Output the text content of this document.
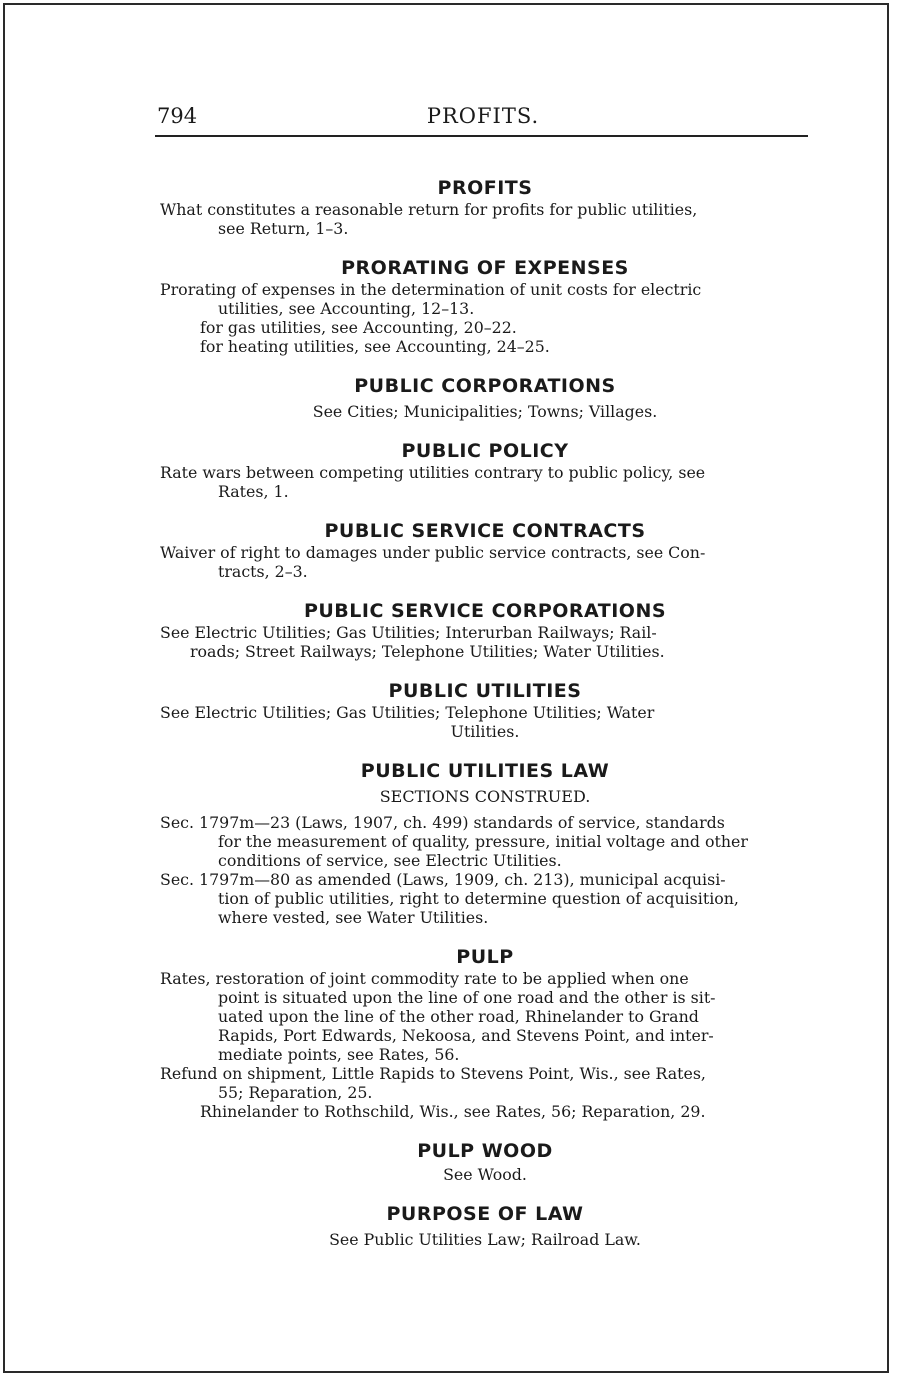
794	PROFITS.
PROFITS
What constitutes a reasonable return for profits for public utilities,
see Return, 1–3.
PRORATING OF EXPENSES
Prorating of expenses in the determination of unit costs for electric
utilities, see Accounting, 12–13.
for gas utilities, see Accounting, 20–22.
for heating utilities, see Accounting, 24–25.
PUBLIC CORPORATIONS
See Cities; Municipalities; Towns; Villages.
PUBLIC POLICY
Rate wars between competing utilities contrary to public policy, see
Rates, 1.
PUBLIC SERVICE CONTRACTS
Waiver of right to damages under public service contracts, see Con-
tracts, 2–3.
PUBLIC SERVICE CORPORATIONS
See Electric Utilities; Gas Utilities; Interurban Railways; Rail-
roads; Street Railways; Telephone Utilities; Water Utilities.
PUBLIC UTILITIES
See Electric Utilities; Gas Utilities; Telephone Utilities; Water
Utilities.
PUBLIC UTILITIES LAW
SECTIONS CONSTRUED.
Sec. 1797m—23 (Laws, 1907, ch. 499) standards of service, standards
for the measurement of quality, pressure, initial voltage and other
conditions of service, see Electric Utilities.
Sec. 1797m—80 as amended (Laws, 1909, ch. 213), municipal acquisi-
tion of public utilities, right to determine question of acquisition,
where vested, see Water Utilities.
PULP
Rates, restoration of joint commodity rate to be applied when one
point is situated upon the line of one road and the other is sit-
uated upon the line of the other road, Rhinelander to Grand
Rapids, Port Edwards, Nekoosa, and Stevens Point, and inter-
mediate points, see Rates, 56.
Refund on shipment, Little Rapids to Stevens Point, Wis., see Rates,
55; Reparation, 25.
Rhinelander to Rothschild, Wis., see Rates, 56; Reparation, 29.
PULP WOOD
See Wood.
PURPOSE OF LAW
See Public Utilities Law; Railroad Law.
